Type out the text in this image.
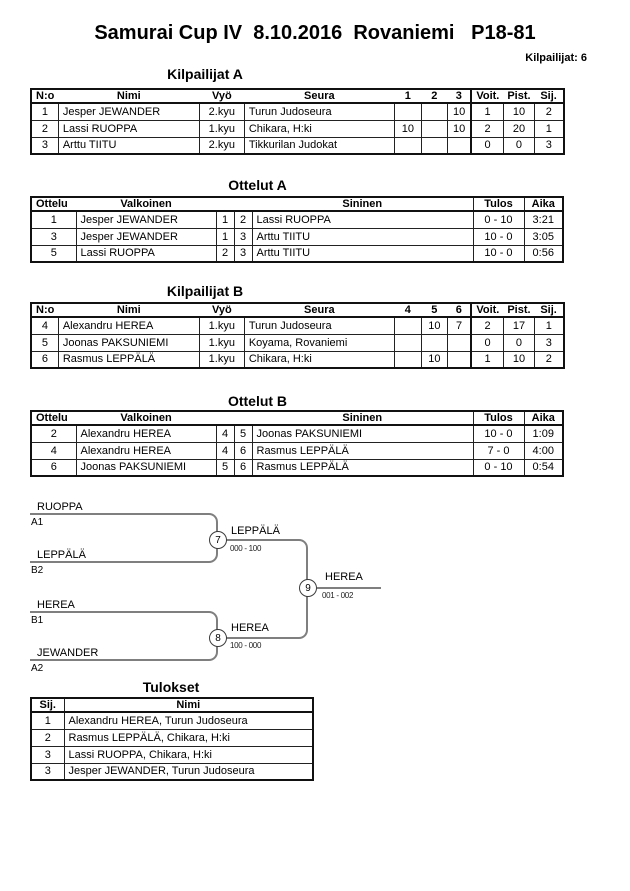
Samurai Cup IV  8.10.2016  Rovaniemi   P18-81
Kilpailijat: 6
Kilpailijat A
N:o	Nimi	Vyö	Seura	1	2	3	Voit.	Pist.	Sij.
1	Jesper JEWANDER	2.kyu	Turun Judoseura			10	1	10	2
2	Lassi RUOPPA	1.kyu	Chikara, H:ki	10		10	2	20	1
3	Arttu TIITU	2.kyu	Tikkurilan Judokat				0	0	3
Ottelut A
Ottelu	Valkoinen			Sininen	Tulos	Aika
1	Jesper JEWANDER	1	2	Lassi RUOPPA	0 - 10	3:21
3	Jesper JEWANDER	1	3	Arttu TIITU	10 - 0	3:05
5	Lassi RUOPPA	2	3	Arttu TIITU	10 - 0	0:56
Kilpailijat B
N:o	Nimi	Vyö	Seura	4	5	6	Voit.	Pist.	Sij.
4	Alexandru HEREA	1.kyu	Turun Judoseura		10	7	2	17	1
5	Joonas PAKSUNIEMI	1.kyu	Koyama, Rovaniemi				0	0	3
6	Rasmus LEPPÄLÄ	1.kyu	Chikara, H:ki		10		1	10	2
Ottelut B
Ottelu	Valkoinen			Sininen	Tulos	Aika
2	Alexandru HEREA	4	5	Joonas PAKSUNIEMI	10 - 0	1:09
4	Alexandru HEREA	4	6	Rasmus LEPPÄLÄ	7 - 0	4:00
6	Joonas PAKSUNIEMI	5	6	Rasmus LEPPÄLÄ	0 - 10	0:54
RUOPPA
A1
LEPPÄLÄ
B2
HEREA
B1
JEWANDER
A2
7
8
9
LEPPÄLÄ
000 - 100
HEREA
100 - 000
HEREA
001 - 002
Tulokset
Sij.	Nimi
1	Alexandru HEREA, Turun Judoseura
2	Rasmus LEPPÄLÄ, Chikara, H:ki
3	Lassi RUOPPA, Chikara, H:ki
3	Jesper JEWANDER, Turun Judoseura
